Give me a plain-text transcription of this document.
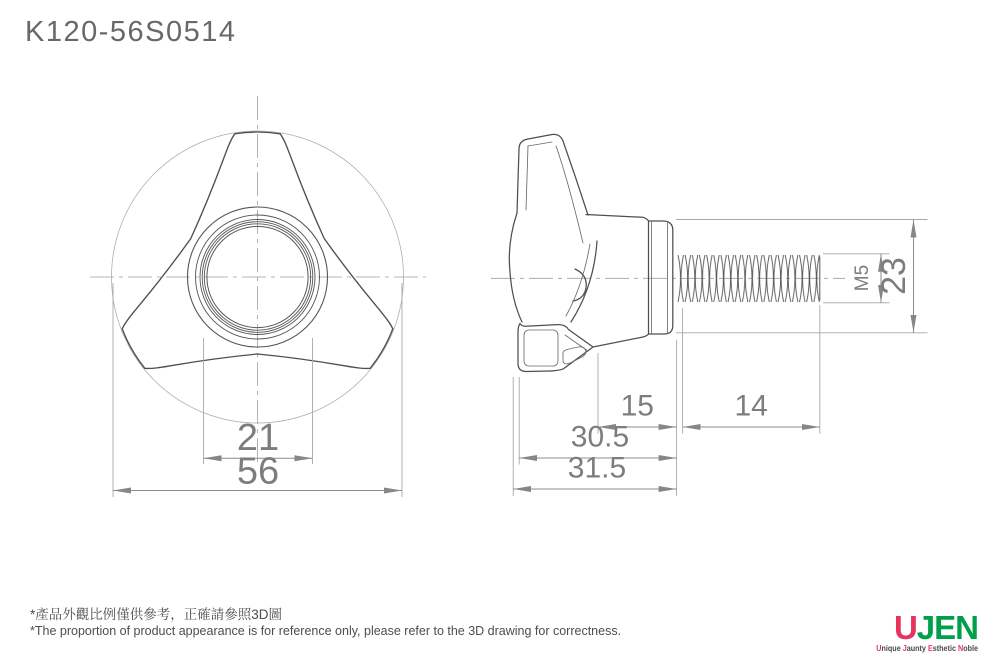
K120-56S0514
21
56
15	14
30.5
31.5
M5 23
*產品外觀比例僅供參考，正確請參照3D圖
*The proportion of product appearance is for reference only, please refer to the 3D drawing for correctness.	UJEN
Unique Jaunty Esthetic Noble
